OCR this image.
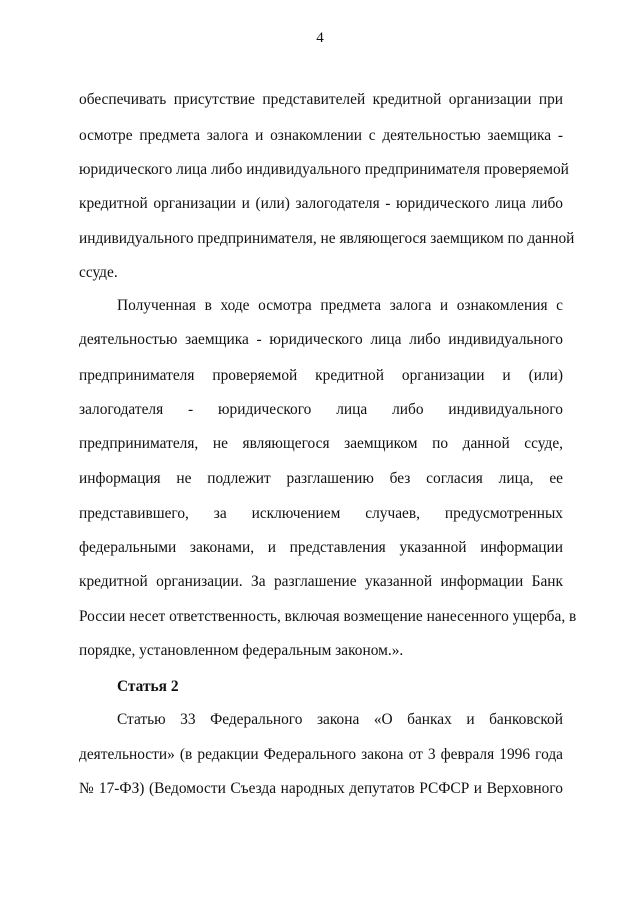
4
обеспечивать присутствие представителей кредитной организации при
осмотре предмета залога и ознакомлении с деятельностью заемщика -
юридического лица либо индивидуального предпринимателя проверяемой
кредитной организации и (или) залогодателя - юридического лица либо
индивидуального предпринимателя, не являющегося заемщиком по данной
ссуде.
Полученная в ходе осмотра предмета залога и ознакомления с
деятельностью заемщика - юридического лица либо индивидуального
предпринимателя проверяемой кредитной организации и (или)
залогодателя - юридического лица либо индивидуального
предпринимателя, не являющегося заемщиком по данной ссуде,
информация не подлежит разглашению без согласия лица, ее
представившего, за исключением случаев, предусмотренных
федеральными законами, и представления указанной информации
кредитной организации. За разглашение указанной информации Банк
России несет ответственность, включая возмещение нанесенного ущерба, в
порядке, установленном федеральным законом.».
Статья 2
Статью 33 Федерального закона «О банках и банковской
деятельности» (в редакции Федерального закона от 3 февраля 1996 года
№ 17-ФЗ) (Ведомости Съезда народных депутатов РСФСР и Верховного
